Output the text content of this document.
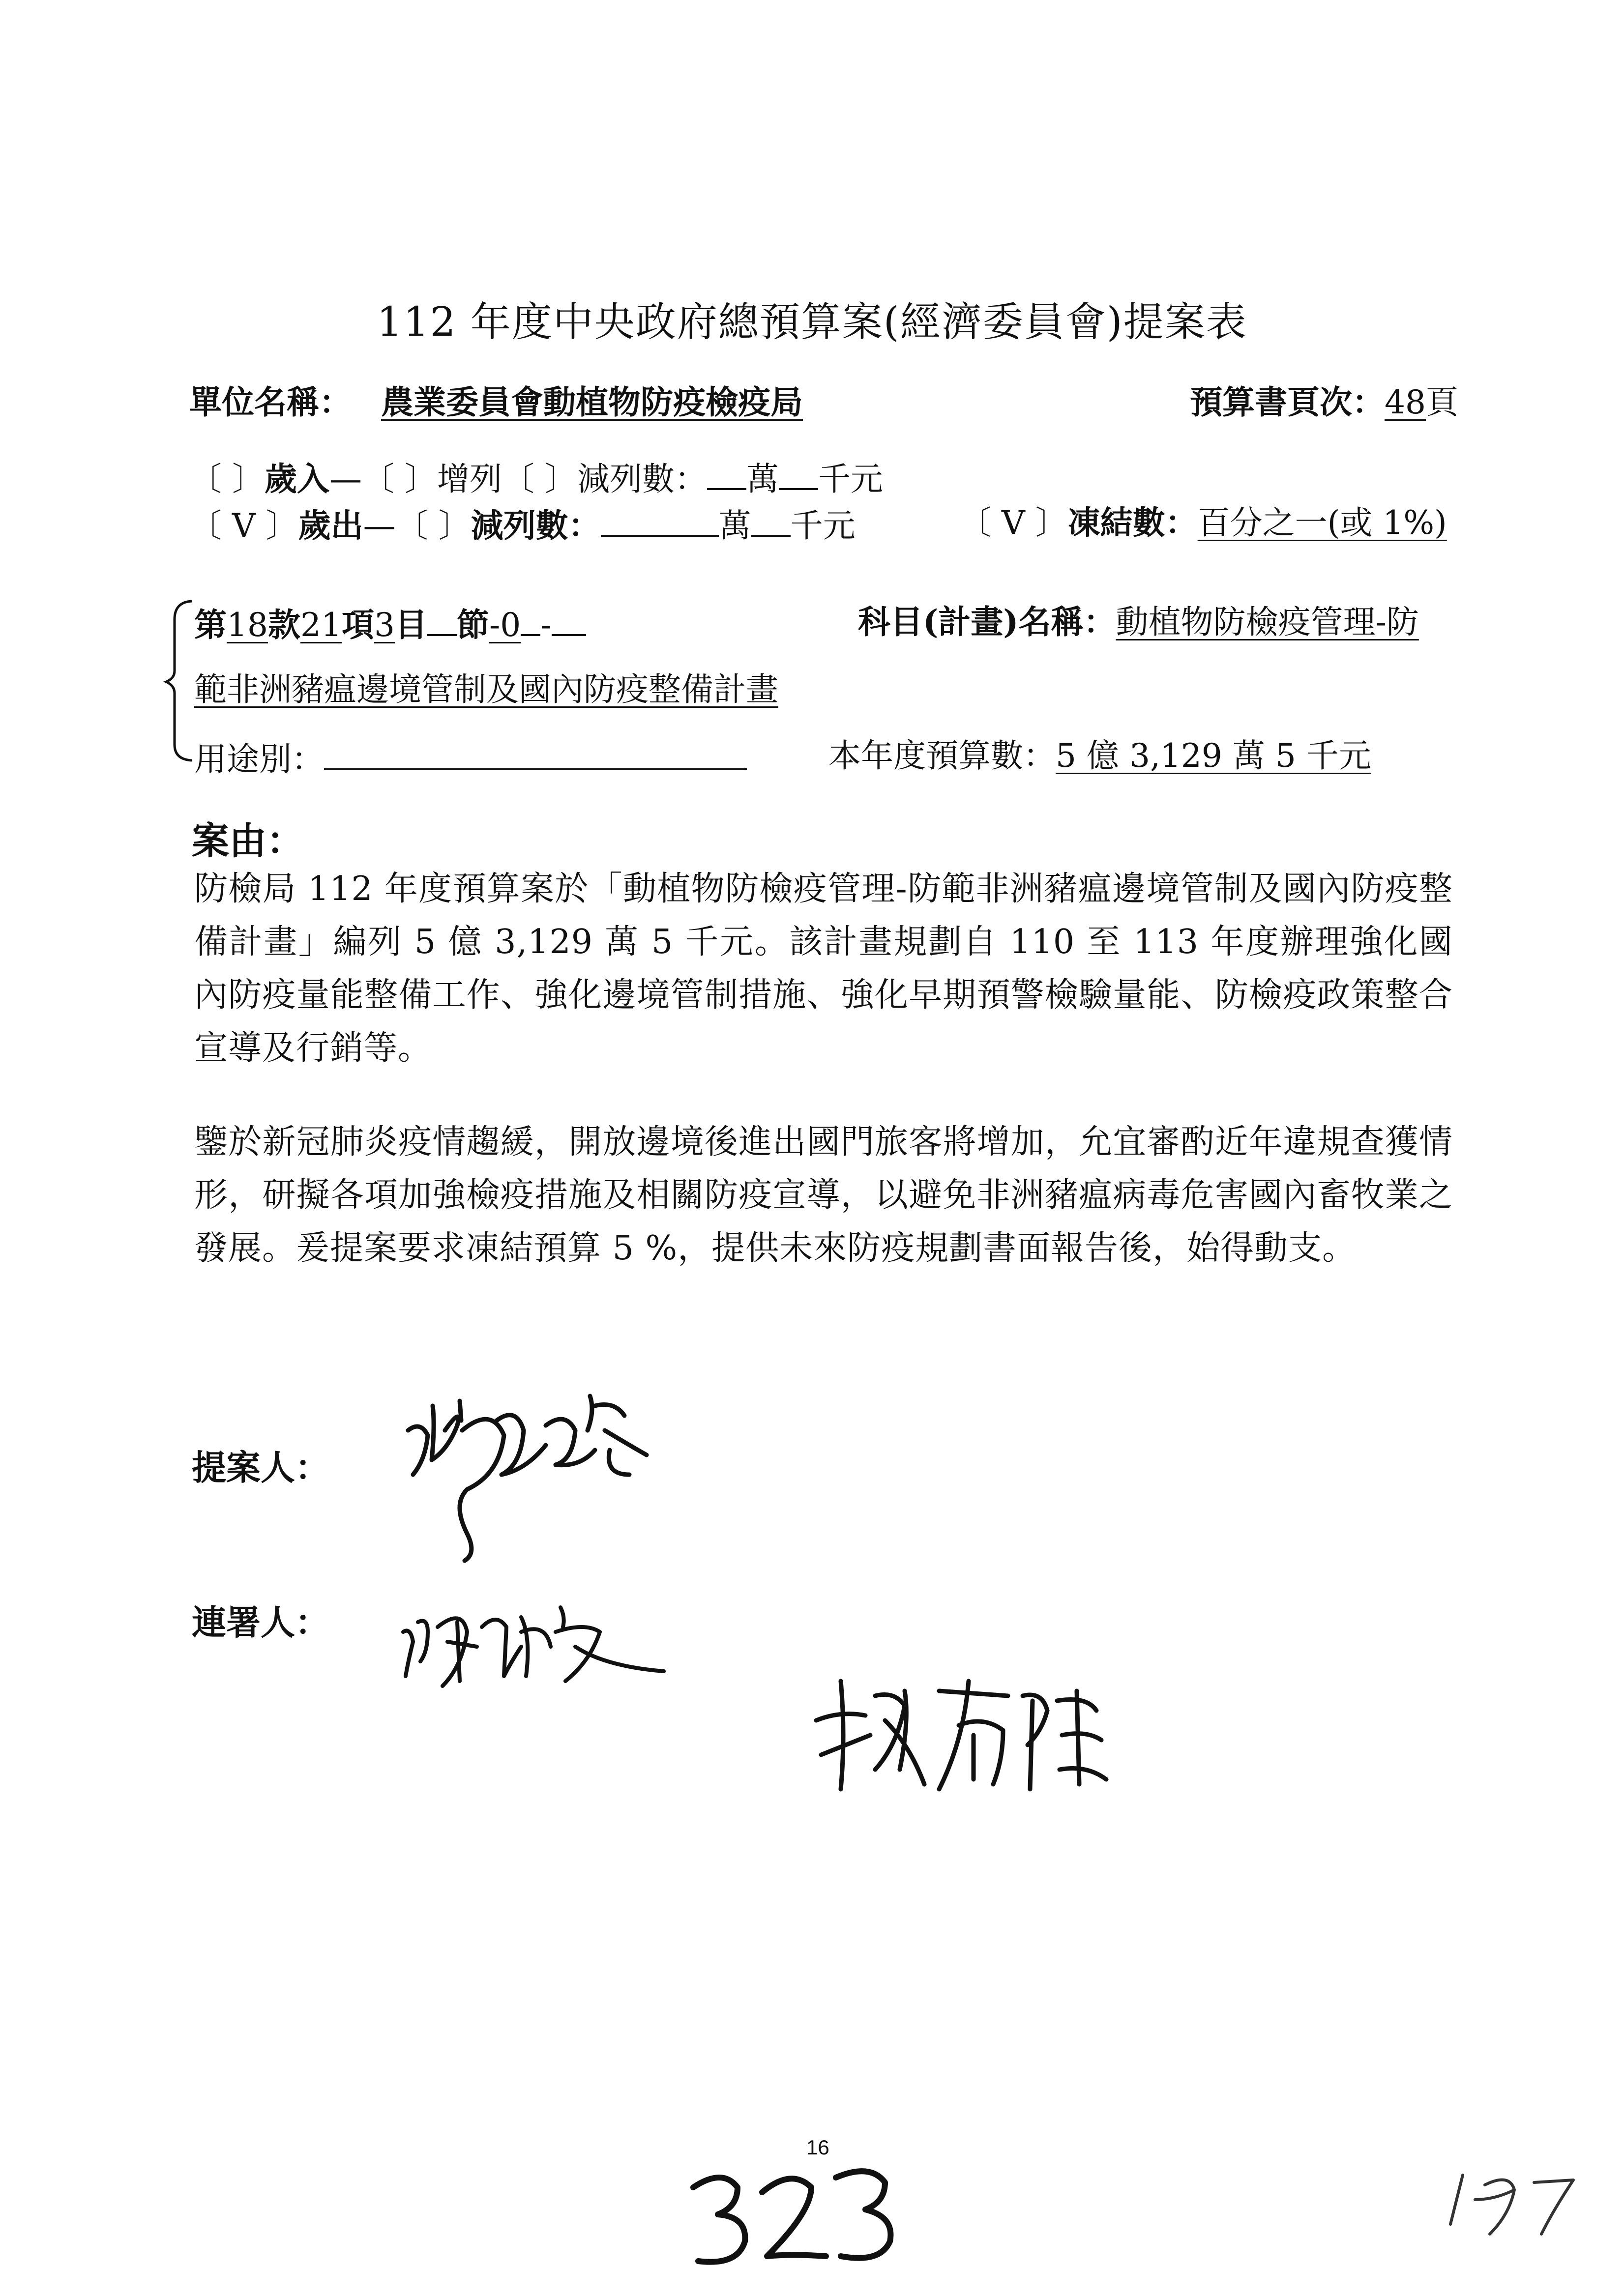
112 年度中央政府總預算案(經濟委員會)提案表
單位名稱： 農業委員會動植物防疫檢疫局	預算書頁次：48頁
〔 〕歲入—〔 〕增列〔 〕減列數： 萬 千元
〔 V 〕歲出—〔 〕減列數：	萬 千元	〔 V 〕凍結數：百分之一(或 1%)
第18款21項3目 節-0 -	科目(計畫)名稱：動植物防檢疫管理-防
範非洲豬瘟邊境管制及國內防疫整備計畫
用途別：	本年度預算數：5 億 3,129 萬 5 千元
案由：
防檢局 112 年度預算案於「動植物防檢疫管理-防範非洲豬瘟邊境管制及國內防疫整備計畫」編列 5 億 3,129 萬 5 千元。該計畫規劃自 110 至 113 年度辦理強化國內防疫量能整備工作、強化邊境管制措施、強化早期預警檢驗量能、防檢疫政策整合宣導及行銷等。
鑒於新冠肺炎疫情趨緩，開放邊境後進出國門旅客將增加，允宜審酌近年違規查獲情形，研擬各項加強檢疫措施及相關防疫宣導，以避免非洲豬瘟病毒危害國內畜牧業之發展。爰提案要求凍結預算 5 %，提供未來防疫規劃書面報告後，始得動支。
提案人：
連署人：
16
